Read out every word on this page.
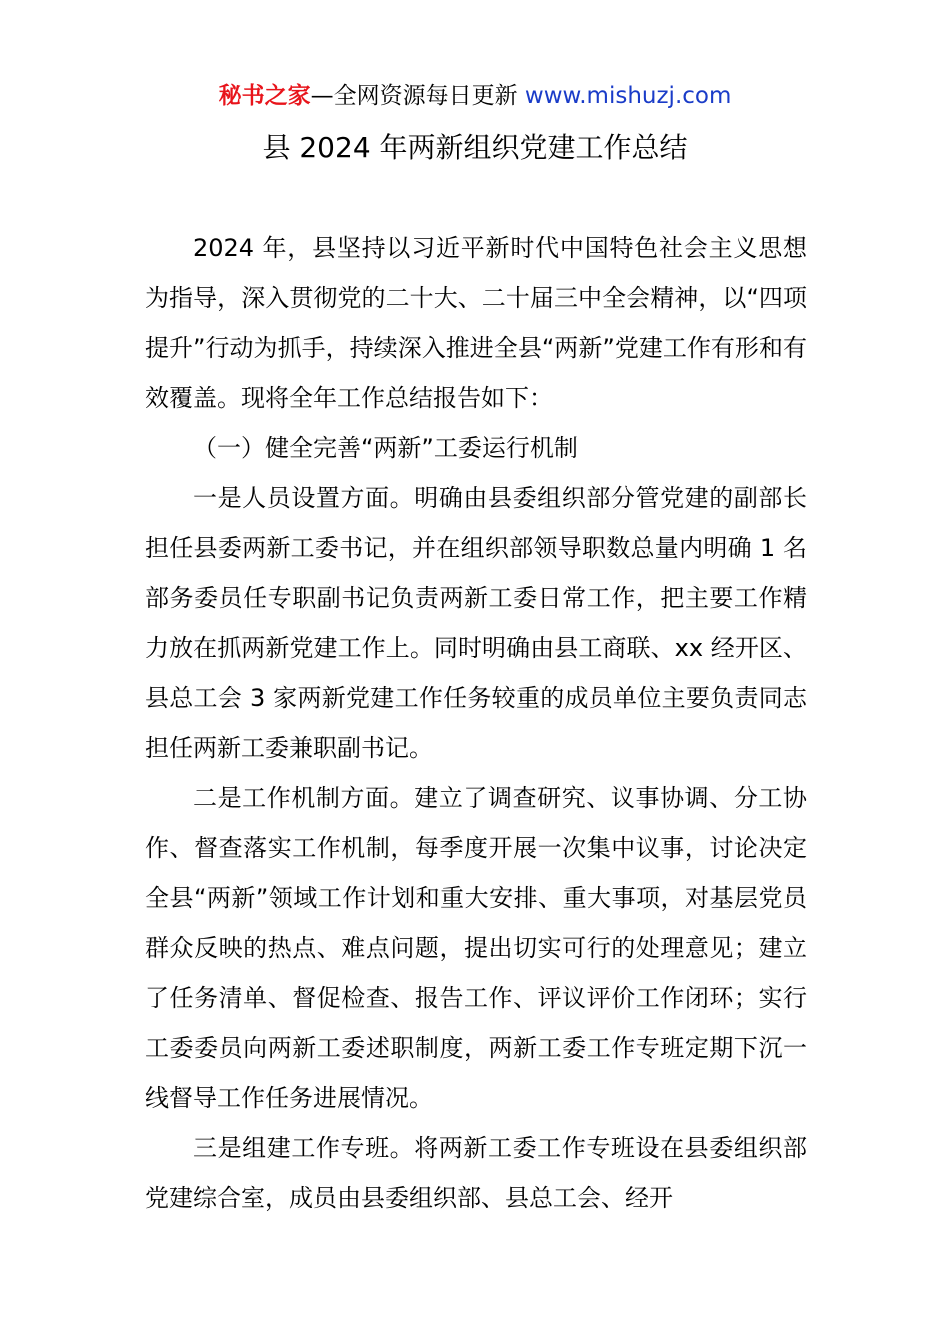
秘书之家—全网资源每日更新 www.mishuzj.com
县 2024 年两新组织党建工作总结

2024 年，县坚持以习近平新时代中国特色社会主义思想为指导，深入贯彻党的二十大、二十届三中全会精神，以“四项提升”行动为抓手，持续深入推进全县“两新”党建工作有形和有效覆盖。现将全年工作总结报告如下：

（一）健全完善“两新”工委运行机制

一是人员设置方面。明确由县委组织部分管党建的副部长担任县委两新工委书记，并在组织部领导职数总量内明确 1 名部务委员任专职副书记负责两新工委日常工作，把主要工作精力放在抓两新党建工作上。同时明确由县工商联、xx 经开区、县总工会 3 家两新党建工作任务较重的成员单位主要负责同志担任两新工委兼职副书记。

二是工作机制方面。建立了调查研究、议事协调、分工协作、督查落实工作机制，每季度开展一次集中议事，讨论决定全县“两新”领域工作计划和重大安排、重大事项，对基层党员群众反映的热点、难点问题，提出切实可行的处理意见；建立了任务清单、督促检查、报告工作、评议评价工作闭环；实行工委委员向两新工委述职制度，两新工委工作专班定期下沉一线督导工作任务进展情况。

三是组建工作专班。将两新工委工作专班设在县委组织部党建综合室，成员由县委组织部、县总工会、经开
